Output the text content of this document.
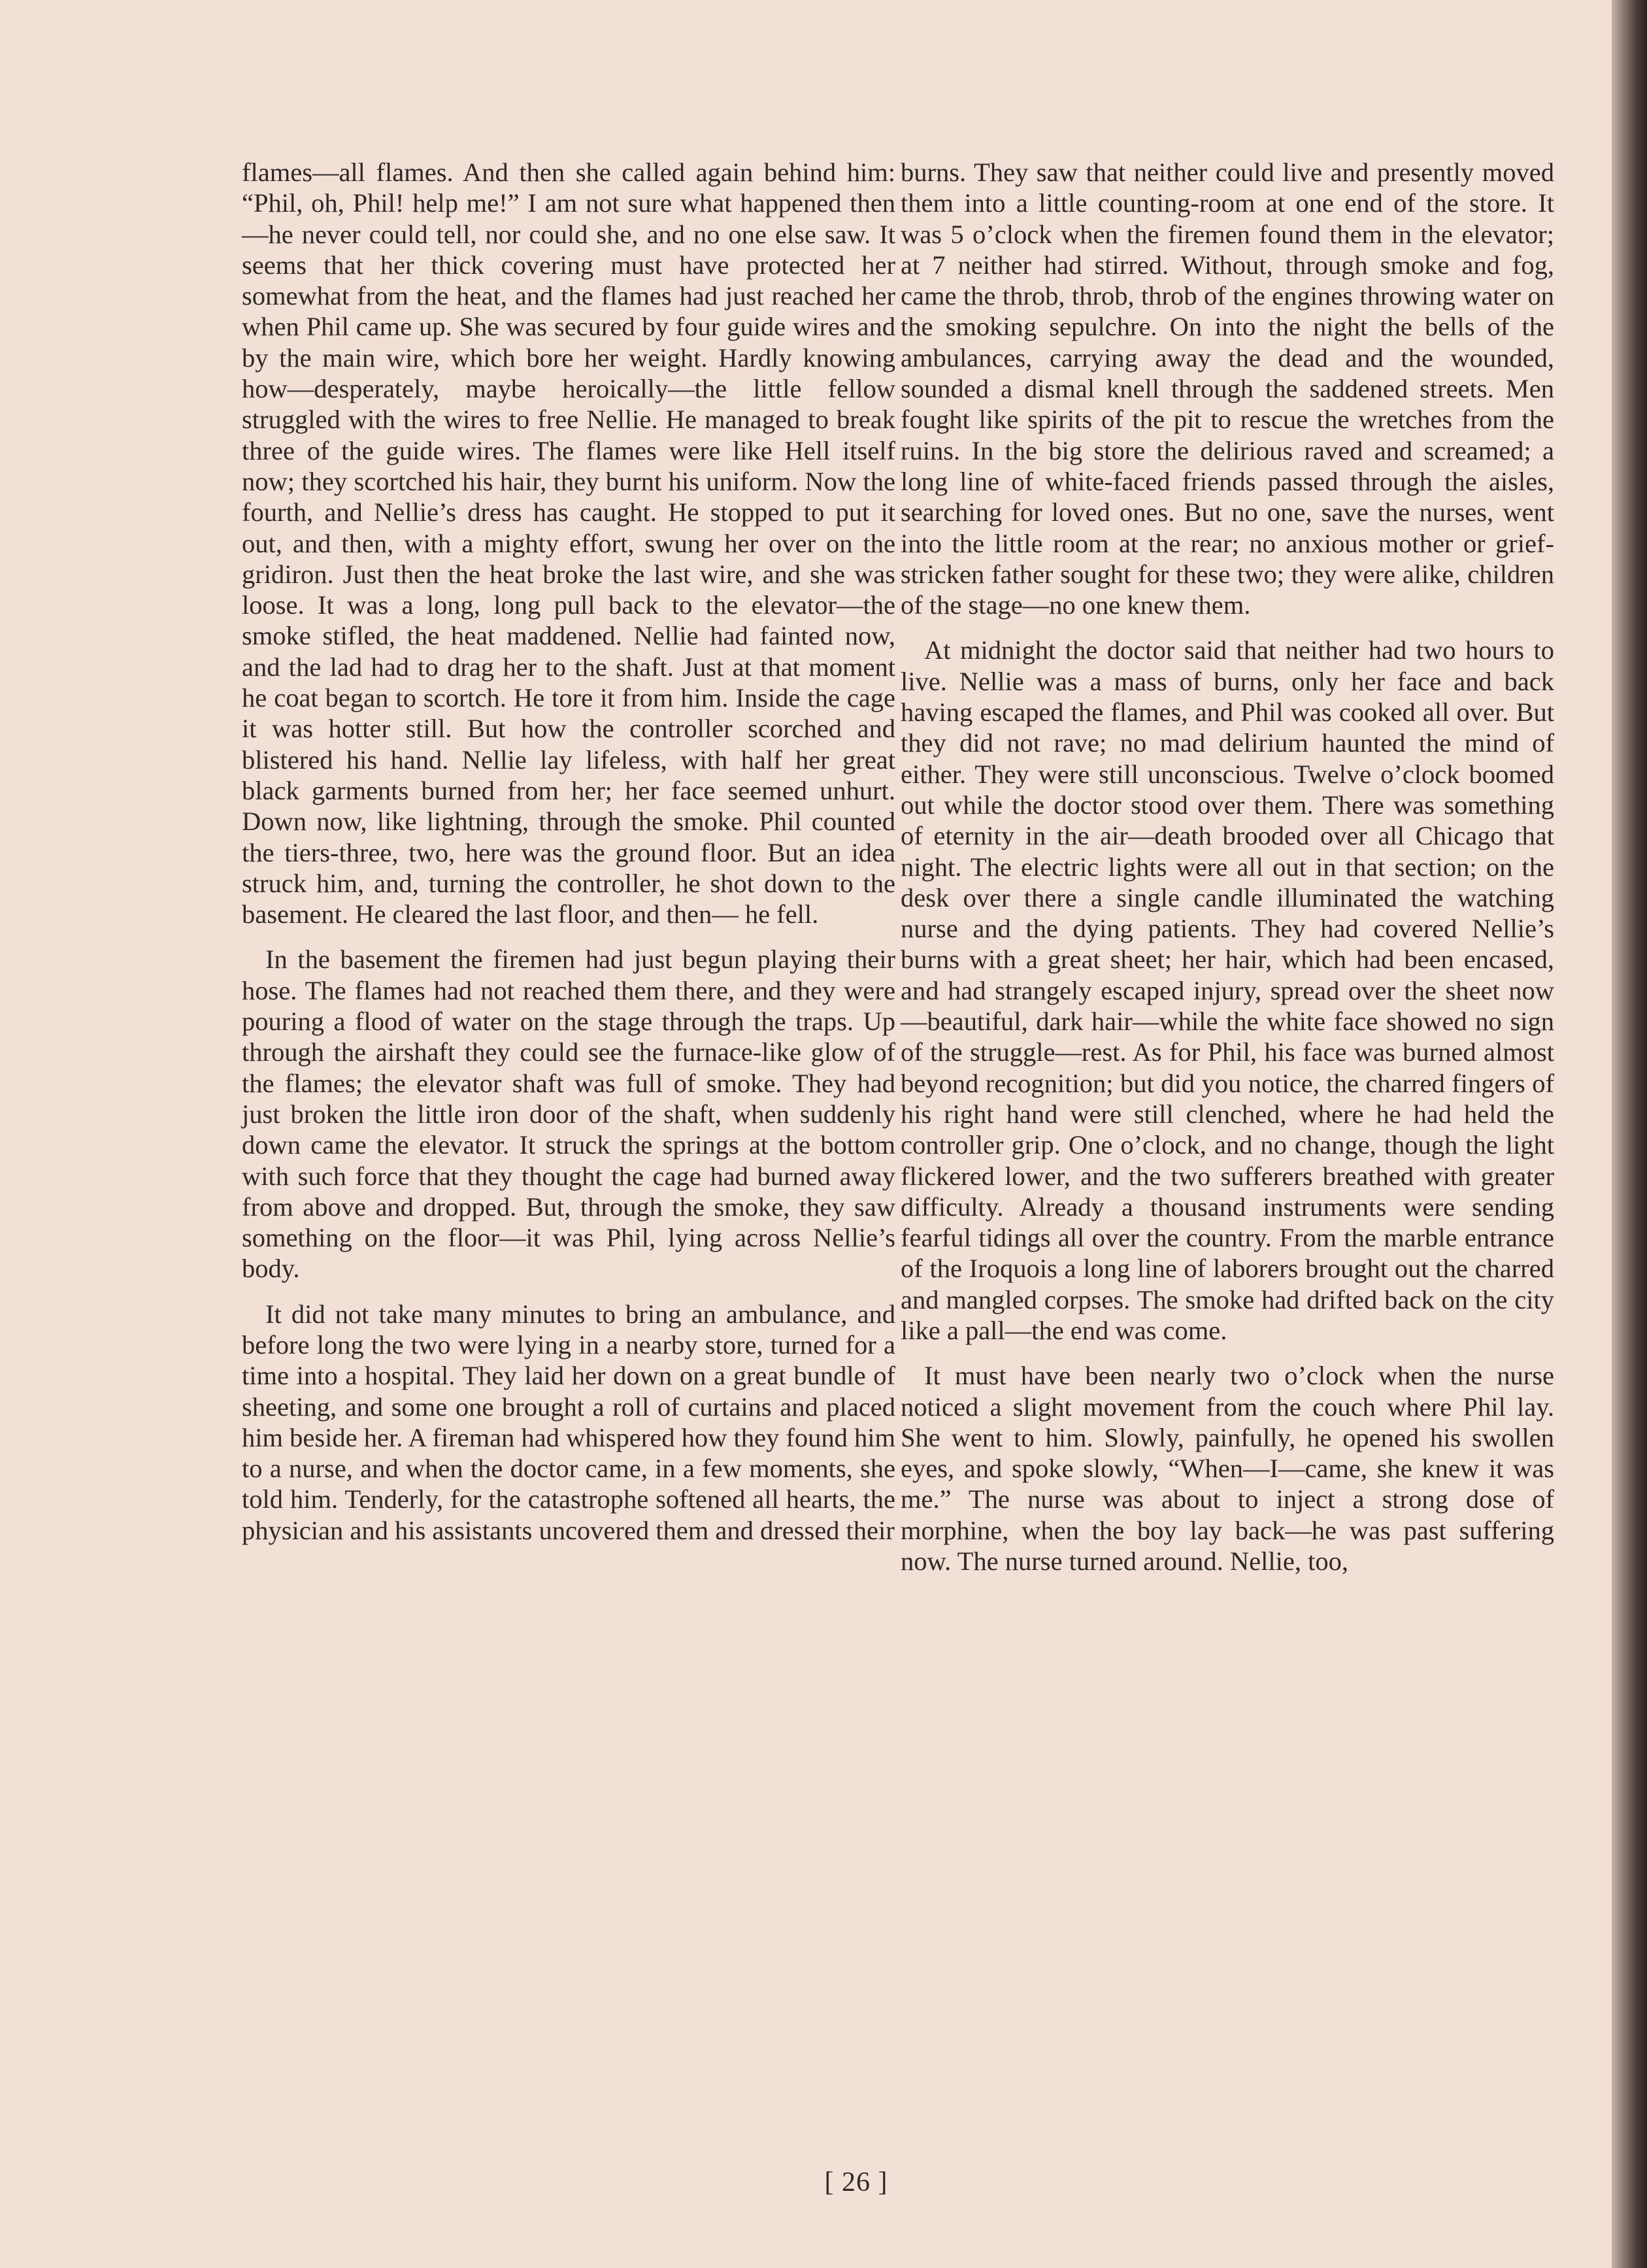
flames—all flames. And then she called again behind him: “Phil, oh, Phil! help me!” I am not sure what happened then—he never could tell, nor could she, and no one else saw. It seems that her thick covering must have protected her somewhat from the heat, and the flames had just reached her when Phil came up. She was secured by four guide wires and by the main wire, which bore her weight. Hardly knowing how—desperately, maybe heroically—the little fellow struggled with the wires to free Nellie. He managed to break three of the guide wires. The flames were like Hell itself now; they scortched his hair, they burnt his uniform. Now the fourth, and Nellie’s dress has caught. He stopped to put it out, and then, with a mighty effort, swung her over on the gridiron. Just then the heat broke the last wire, and she was loose. It was a long, long pull back to the elevator—the smoke stifled, the heat maddened. Nellie had fainted now, and the lad had to drag her to the shaft. Just at that moment he coat began to scortch. He tore it from him. Inside the cage it was hotter still. But how the controller scorched and blistered his hand. Nellie lay lifeless, with half her great black garments burned from her; her face seemed unhurt. Down now, like lightning, through the smoke. Phil counted the tiers-three, two, here was the ground floor. But an idea struck him, and, turning the controller, he shot down to the basement. He cleared the last floor, and then— he fell.

In the basement the firemen had just begun playing their hose. The flames had not reached them there, and they were pouring a flood of water on the stage through the traps. Up through the airshaft they could see the furnace-like glow of the flames; the elevator shaft was full of smoke. They had just broken the little iron door of the shaft, when suddenly down came the elevator. It struck the springs at the bottom with such force that they thought the cage had burned away from above and dropped. But, through the smoke, they saw something on the floor—it was Phil, lying across Nellie’s body.

It did not take many minutes to bring an ambulance, and before long the two were lying in a nearby store, turned for a time into a hospital. They laid her down on a great bundle of sheeting, and some one brought a roll of curtains and placed him beside her. A fireman had whispered how they found him to a nurse, and when the doctor came, in a few moments, she told him. Tenderly, for the catastrophe softened all hearts, the physician and his assistants uncovered them and dressed their

burns. They saw that neither could live and presently moved them into a little counting-room at one end of the store. It was 5 o’clock when the firemen found them in the elevator; at 7 neither had stirred. Without, through smoke and fog, came the throb, throb, throb of the engines throwing water on the smoking sepulchre. On into the night the bells of the ambulances, carrying away the dead and the wounded, sounded a dismal knell through the saddened streets. Men fought like spirits of the pit to rescue the wretches from the ruins. In the big store the delirious raved and screamed; a long line of white-faced friends passed through the aisles, searching for loved ones. But no one, save the nurses, went into the little room at the rear; no anxious mother or grief-stricken father sought for these two; they were alike, children of the stage—no one knew them.

At midnight the doctor said that neither had two hours to live. Nellie was a mass of burns, only her face and back having escaped the flames, and Phil was cooked all over. But they did not rave; no mad delirium haunted the mind of either. They were still unconscious. Twelve o’clock boomed out while the doctor stood over them. There was something of eternity in the air—death brooded over all Chicago that night. The electric lights were all out in that section; on the desk over there a single candle illuminated the watching nurse and the dying patients. They had covered Nellie’s burns with a great sheet; her hair, which had been encased, and had strangely escaped injury, spread over the sheet now—beautiful, dark hair—while the white face showed no sign of the struggle—rest. As for Phil, his face was burned almost beyond recognition; but did you notice, the charred fingers of his right hand were still clenched, where he had held the controller grip. One o’clock, and no change, though the light flickered lower, and the two sufferers breathed with greater difficulty. Already a thousand instruments were sending fearful tidings all over the country. From the marble entrance of the Iroquois a long line of laborers brought out the charred and mangled corpses. The smoke had drifted back on the city like a pall—the end was come.

It must have been nearly two o’clock when the nurse noticed a slight movement from the couch where Phil lay. She went to him. Slowly, painfully, he opened his swollen eyes, and spoke slowly, “When—I—came, she knew it was me.” The nurse was about to inject a strong dose of morphine, when the boy lay back—he was past suffering now. The nurse turned around. Nellie, too,

[ 26 ]
